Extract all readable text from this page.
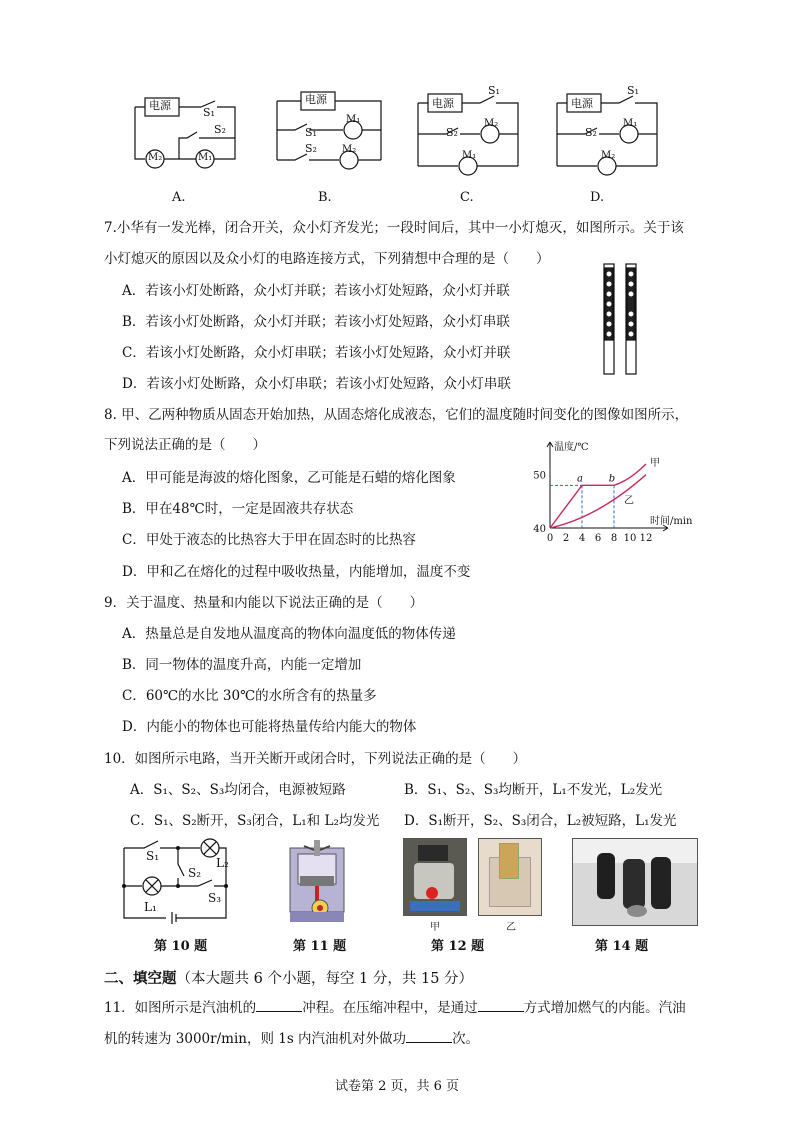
电源
S₁
S₂
M₂	M₁
A.
电源
S₁
S₂
M₁
M₂
B.
电源
S₁
S₂
M₂
M₁
C.
电源
S₁
S₂
M₁
M₂
D.
7.小华有一发光棒，闭合开关，众小灯齐发光；一段时间后，其中一小灯熄灭，如图所示。关于该
小灯熄灭的原因以及众小灯的电路连接方式，下列猜想中合理的是（　　）
A．若该小灯处断路，众小灯并联；若该小灯处短路，众小灯并联
B．若该小灯处断路，众小灯并联；若该小灯处短路，众小灯串联
C．若该小灯处断路，众小灯串联；若该小灯处短路，众小灯并联
D．若该小灯处断路，众小灯串联；若该小灯处短路，众小灯串联
8. 甲、乙两种物质从固态开始加热，从固态熔化成液态，它们的温度随时间变化的图像如图所示，
下列说法正确的是（　　）
A．甲可能是海波的熔化图象，乙可能是石蜡的熔化图象
B．甲在48℃时，一定是固液共存状态
C．甲处于液态的比热容大于甲在固态时的比热容
D．甲和乙在熔化的过程中吸收热量，内能增加，温度不变
温度/℃
时间/min
50
40
0 2 4 6 8 10 12
a	b
甲
乙
9．关于温度、热量和内能以下说法正确的是（　　）
A．热量总是自发地从温度高的物体向温度低的物体传递
B．同一物体的温度升高，内能一定增加
C．60℃的水比 30℃的水所含有的热量多
D．内能小的物体也可能将热量传给内能大的物体
10．如图所示电路，当开关断开或闭合时，下列说法正确的是（　　）
A．S₁、S₂、S₃均闭合，电源被短路	B．S₁、S₂、S₃均断开，L₁不发光，L₂发光
C．S₁、S₂断开，S₃闭合，L₁和 L₂均发光 D．S₁断开，S₂、S₃闭合，L₂被短路，L₁发光
S₁	L₂
S₂
L₁
S₃
第 10 题	第 11 题
甲	乙
第 12 题	第 14 题
二、填空题（本大题共 6 个小题，每空 1 分，共 15 分）
11．如图所示是汽油机的	冲程。在压缩冲程中，是通过	方式增加燃气的内能。汽油
机的转速为 3000r/min，则 1s 内汽油机对外做功	次。
试卷第 2 页，共 6 页
